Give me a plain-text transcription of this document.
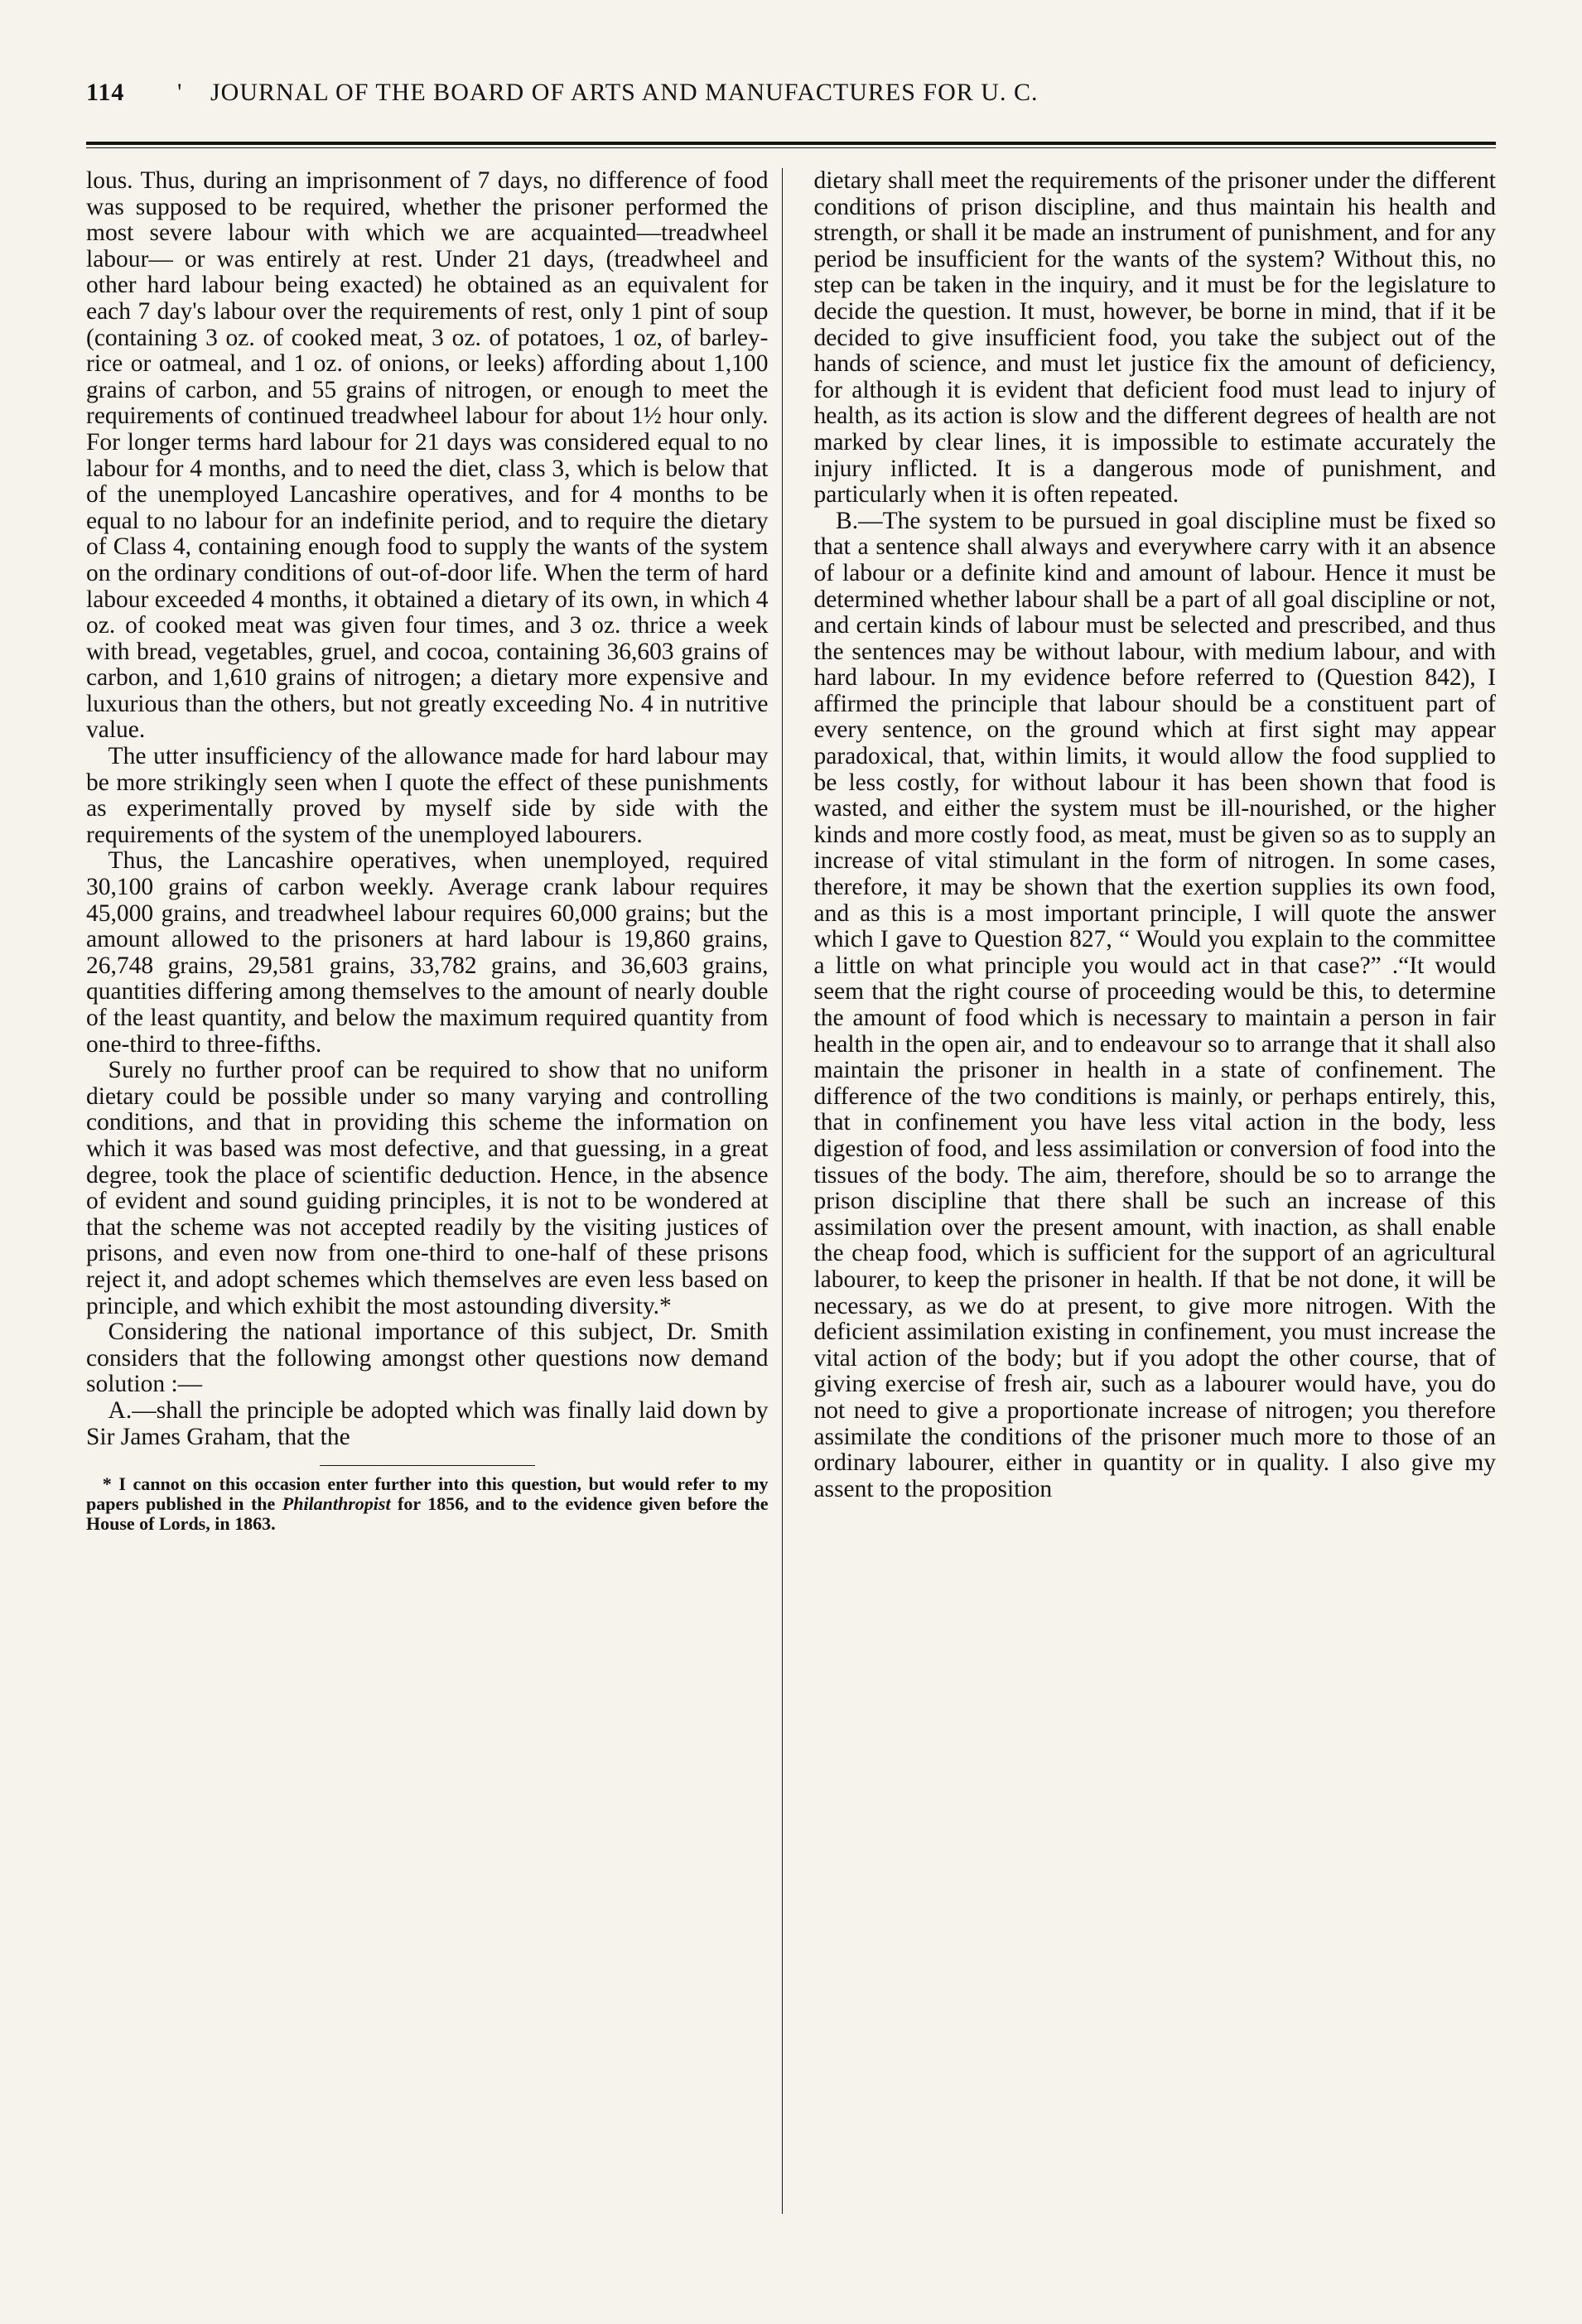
114	'	JOURNAL OF THE BOARD OF ARTS AND MANUFACTURES FOR U. C.

lous. Thus, during an imprisonment of 7 days, no difference of food was supposed to be required, whether the prisoner performed the most severe labour with which we are acquainted—treadwheel labour— or was entirely at rest. Under 21 days, (treadwheel and other hard labour being exacted) he obtained as an equivalent for each 7 day's labour over the requirements of rest, only 1 pint of soup (containing 3 oz. of cooked meat, 3 oz. of potatoes, 1 oz, of barley-rice or oatmeal, and 1 oz. of onions, or leeks) affording about 1,100 grains of carbon, and 55 grains of nitrogen, or enough to meet the requirements of continued treadwheel labour for about 1½ hour only. For longer terms hard labour for 21 days was considered equal to no labour for 4 months, and to need the diet, class 3, which is below that of the unemployed Lancashire operatives, and for 4 months to be equal to no labour for an indefinite period, and to require the dietary of Class 4, containing enough food to supply the wants of the system on the ordinary conditions of out-of-door life. When the term of hard labour exceeded 4 months, it obtained a dietary of its own, in which 4 oz. of cooked meat was given four times, and 3 oz. thrice a week with bread, vegetables, gruel, and cocoa, containing 36,603 grains of carbon, and 1,610 grains of nitrogen; a dietary more expensive and luxurious than the others, but not greatly exceeding No. 4 in nutritive value.

The utter insufficiency of the allowance made for hard labour may be more strikingly seen when I quote the effect of these punishments as experimentally proved by myself side by side with the requirements of the system of the unemployed labourers.

Thus, the Lancashire operatives, when unemployed, required 30,100 grains of carbon weekly. Average crank labour requires 45,000 grains, and treadwheel labour requires 60,000 grains; but the amount allowed to the prisoners at hard labour is 19,860 grains, 26,748 grains, 29,581 grains, 33,782 grains, and 36,603 grains, quantities differing among themselves to the amount of nearly double of the least quantity, and below the maximum required quantity from one-third to three-fifths.

Surely no further proof can be required to show that no uniform dietary could be possible under so many varying and controlling conditions, and that in providing this scheme the information on which it was based was most defective, and that guessing, in a great degree, took the place of scientific deduction. Hence, in the absence of evident and sound guiding principles, it is not to be wondered at that the scheme was not accepted readily by the visiting justices of prisons, and even now from one-third to one-half of these prisons reject it, and adopt schemes which themselves are even less based on principle, and which exhibit the most astounding diversity.*

Considering the national importance of this subject, Dr. Smith considers that the following amongst other questions now demand solution :—

A.—shall the principle be adopted which was finally laid down by Sir James Graham, that the

* I cannot on this occasion enter further into this question, but would refer to my papers published in the Philanthropist for 1856, and to the evidence given before the House of Lords, in 1863.

dietary shall meet the requirements of the prisoner under the different conditions of prison discipline, and thus maintain his health and strength, or shall it be made an instrument of punishment, and for any period be insufficient for the wants of the system? Without this, no step can be taken in the inquiry, and it must be for the legislature to decide the question. It must, however, be borne in mind, that if it be decided to give insufficient food, you take the subject out of the hands of science, and must let justice fix the amount of deficiency, for although it is evident that deficient food must lead to injury of health, as its action is slow and the different degrees of health are not marked by clear lines, it is impossible to estimate accurately the injury inflicted. It is a dangerous mode of punishment, and particularly when it is often repeated.

B.—The system to be pursued in goal discipline must be fixed so that a sentence shall always and everywhere carry with it an absence of labour or a definite kind and amount of labour. Hence it must be determined whether labour shall be a part of all goal discipline or not, and certain kinds of labour must be selected and prescribed, and thus the sentences may be without labour, with medium labour, and with hard labour. In my evidence before referred to (Question 842), I affirmed the principle that labour should be a constituent part of every sentence, on the ground which at first sight may appear paradoxical, that, within limits, it would allow the food supplied to be less costly, for without labour it has been shown that food is wasted, and either the system must be ill-nourished, or the higher kinds and more costly food, as meat, must be given so as to supply an increase of vital stimulant in the form of nitrogen. In some cases, therefore, it may be shown that the exertion supplies its own food, and as this is a most important principle, I will quote the answer which I gave to Question 827, “ Would you explain to the committee a little on what principle you would act in that case?” .“It would seem that the right course of proceeding would be this, to determine the amount of food which is necessary to maintain a person in fair health in the open air, and to endeavour so to arrange that it shall also maintain the prisoner in health in a state of confinement. The difference of the two conditions is mainly, or perhaps entirely, this, that in confinement you have less vital action in the body, less digestion of food, and less assimilation or conversion of food into the tissues of the body. The aim, therefore, should be so to arrange the prison discipline that there shall be such an increase of this assimilation over the present amount, with inaction, as shall enable the cheap food, which is sufficient for the support of an agricultural labourer, to keep the prisoner in health. If that be not done, it will be necessary, as we do at present, to give more nitrogen. With the deficient assimilation existing in confinement, you must increase the vital action of the body; but if you adopt the other course, that of giving exercise of fresh air, such as a labourer would have, you do not need to give a proportionate increase of nitrogen; you therefore assimilate the conditions of the prisoner much more to those of an ordinary labourer, either in quantity or in quality. I also give my assent to the proposition
